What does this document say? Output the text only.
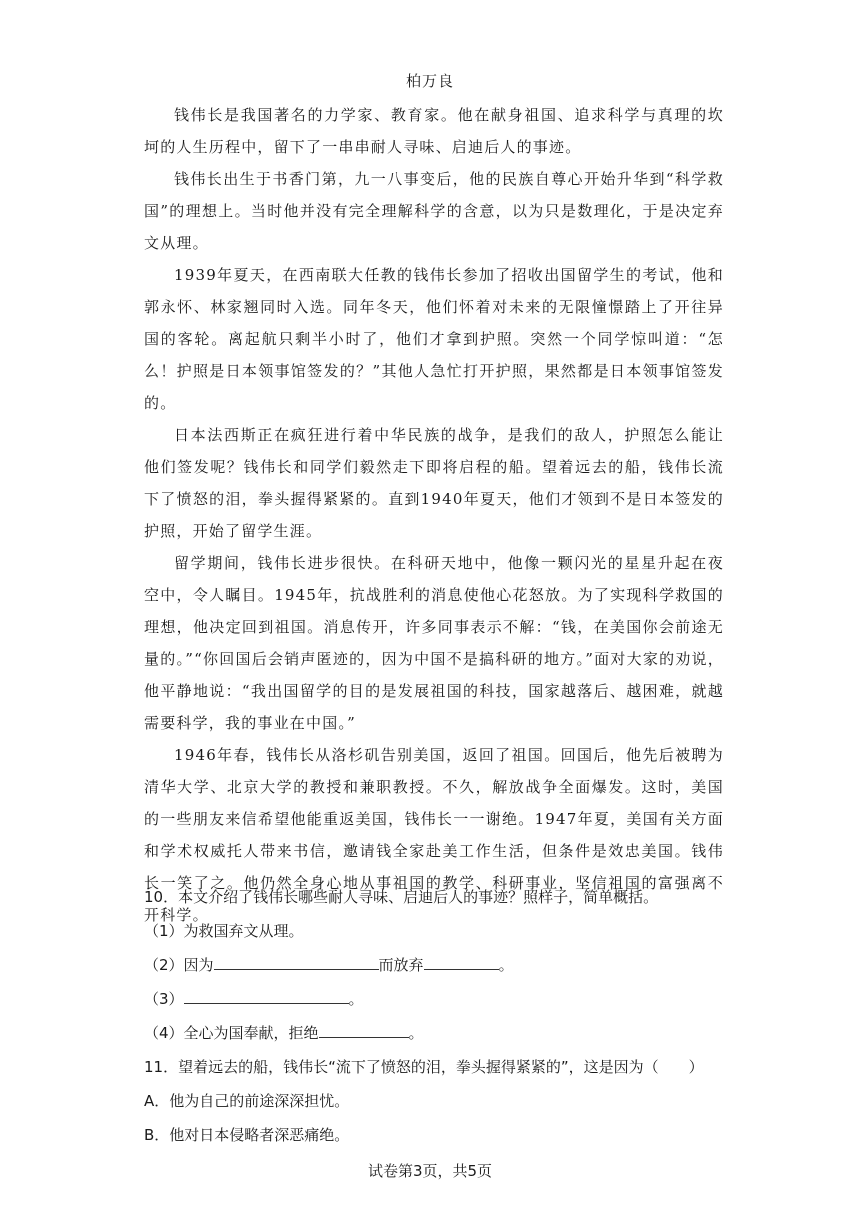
柏万良

钱伟长是我国著名的力学家、教育家。他在献身祖国、追求科学与真理的坎坷的人生历程中，留下了一串串耐人寻味、启迪后人的事迹。

钱伟长出生于书香门第，九一八事变后，他的民族自尊心开始升华到“科学救国”的理想上。当时他并没有完全理解科学的含意，以为只是数理化，于是决定弃文从理。

1939年夏天，在西南联大任教的钱伟长参加了招收出国留学生的考试，他和郭永怀、林家翘同时入选。同年冬天，他们怀着对未来的无限憧憬踏上了开往异国的客轮。离起航只剩半小时了，他们才拿到护照。突然一个同学惊叫道：“怎么！护照是日本领事馆签发的？”其他人急忙打开护照，果然都是日本领事馆签发的。

日本法西斯正在疯狂进行着中华民族的战争，是我们的敌人，护照怎么能让他们签发呢？钱伟长和同学们毅然走下即将启程的船。望着远去的船，钱伟长流下了愤怒的泪，拳头握得紧紧的。直到1940年夏天，他们才领到不是日本签发的护照，开始了留学生涯。

留学期间，钱伟长进步很快。在科研天地中，他像一颗闪光的星星升起在夜空中，令人瞩目。1945年，抗战胜利的消息使他心花怒放。为了实现科学救国的理想，他决定回到祖国。消息传开，许多同事表示不解：“钱，在美国你会前途无量的。”“你回国后会销声匿迹的，因为中国不是搞科研的地方。”面对大家的劝说，他平静地说：“我出国留学的目的是发展祖国的科技，国家越落后、越困难，就越需要科学，我的事业在中国。”

1946年春，钱伟长从洛杉矶告别美国，返回了祖国。回国后，他先后被聘为清华大学、北京大学的教授和兼职教授。不久，解放战争全面爆发。这时，美国的一些朋友来信希望他能重返美国，钱伟长一一谢绝。1947年夏，美国有关方面和学术权威托人带来书信，邀请钱全家赴美工作生活，但条件是效忠美国。钱伟长一笑了之。他仍然全身心地从事祖国的教学、科研事业，坚信祖国的富强离不开科学。

10．本文介绍了钱伟长哪些耐人寻味、启迪后人的事迹？照样子，简单概括。

（1）为救国弃文从理。

（2）因为	而放弃	。

（3）	。

（4）全心为国奉献，拒绝	。

11．望着远去的船，钱伟长“流下了愤怒的泪，拳头握得紧紧的”，这是因为（　　）

A．他为自己的前途深深担忧。

B．他对日本侵略者深恶痛绝。

试卷第3页，共5页
